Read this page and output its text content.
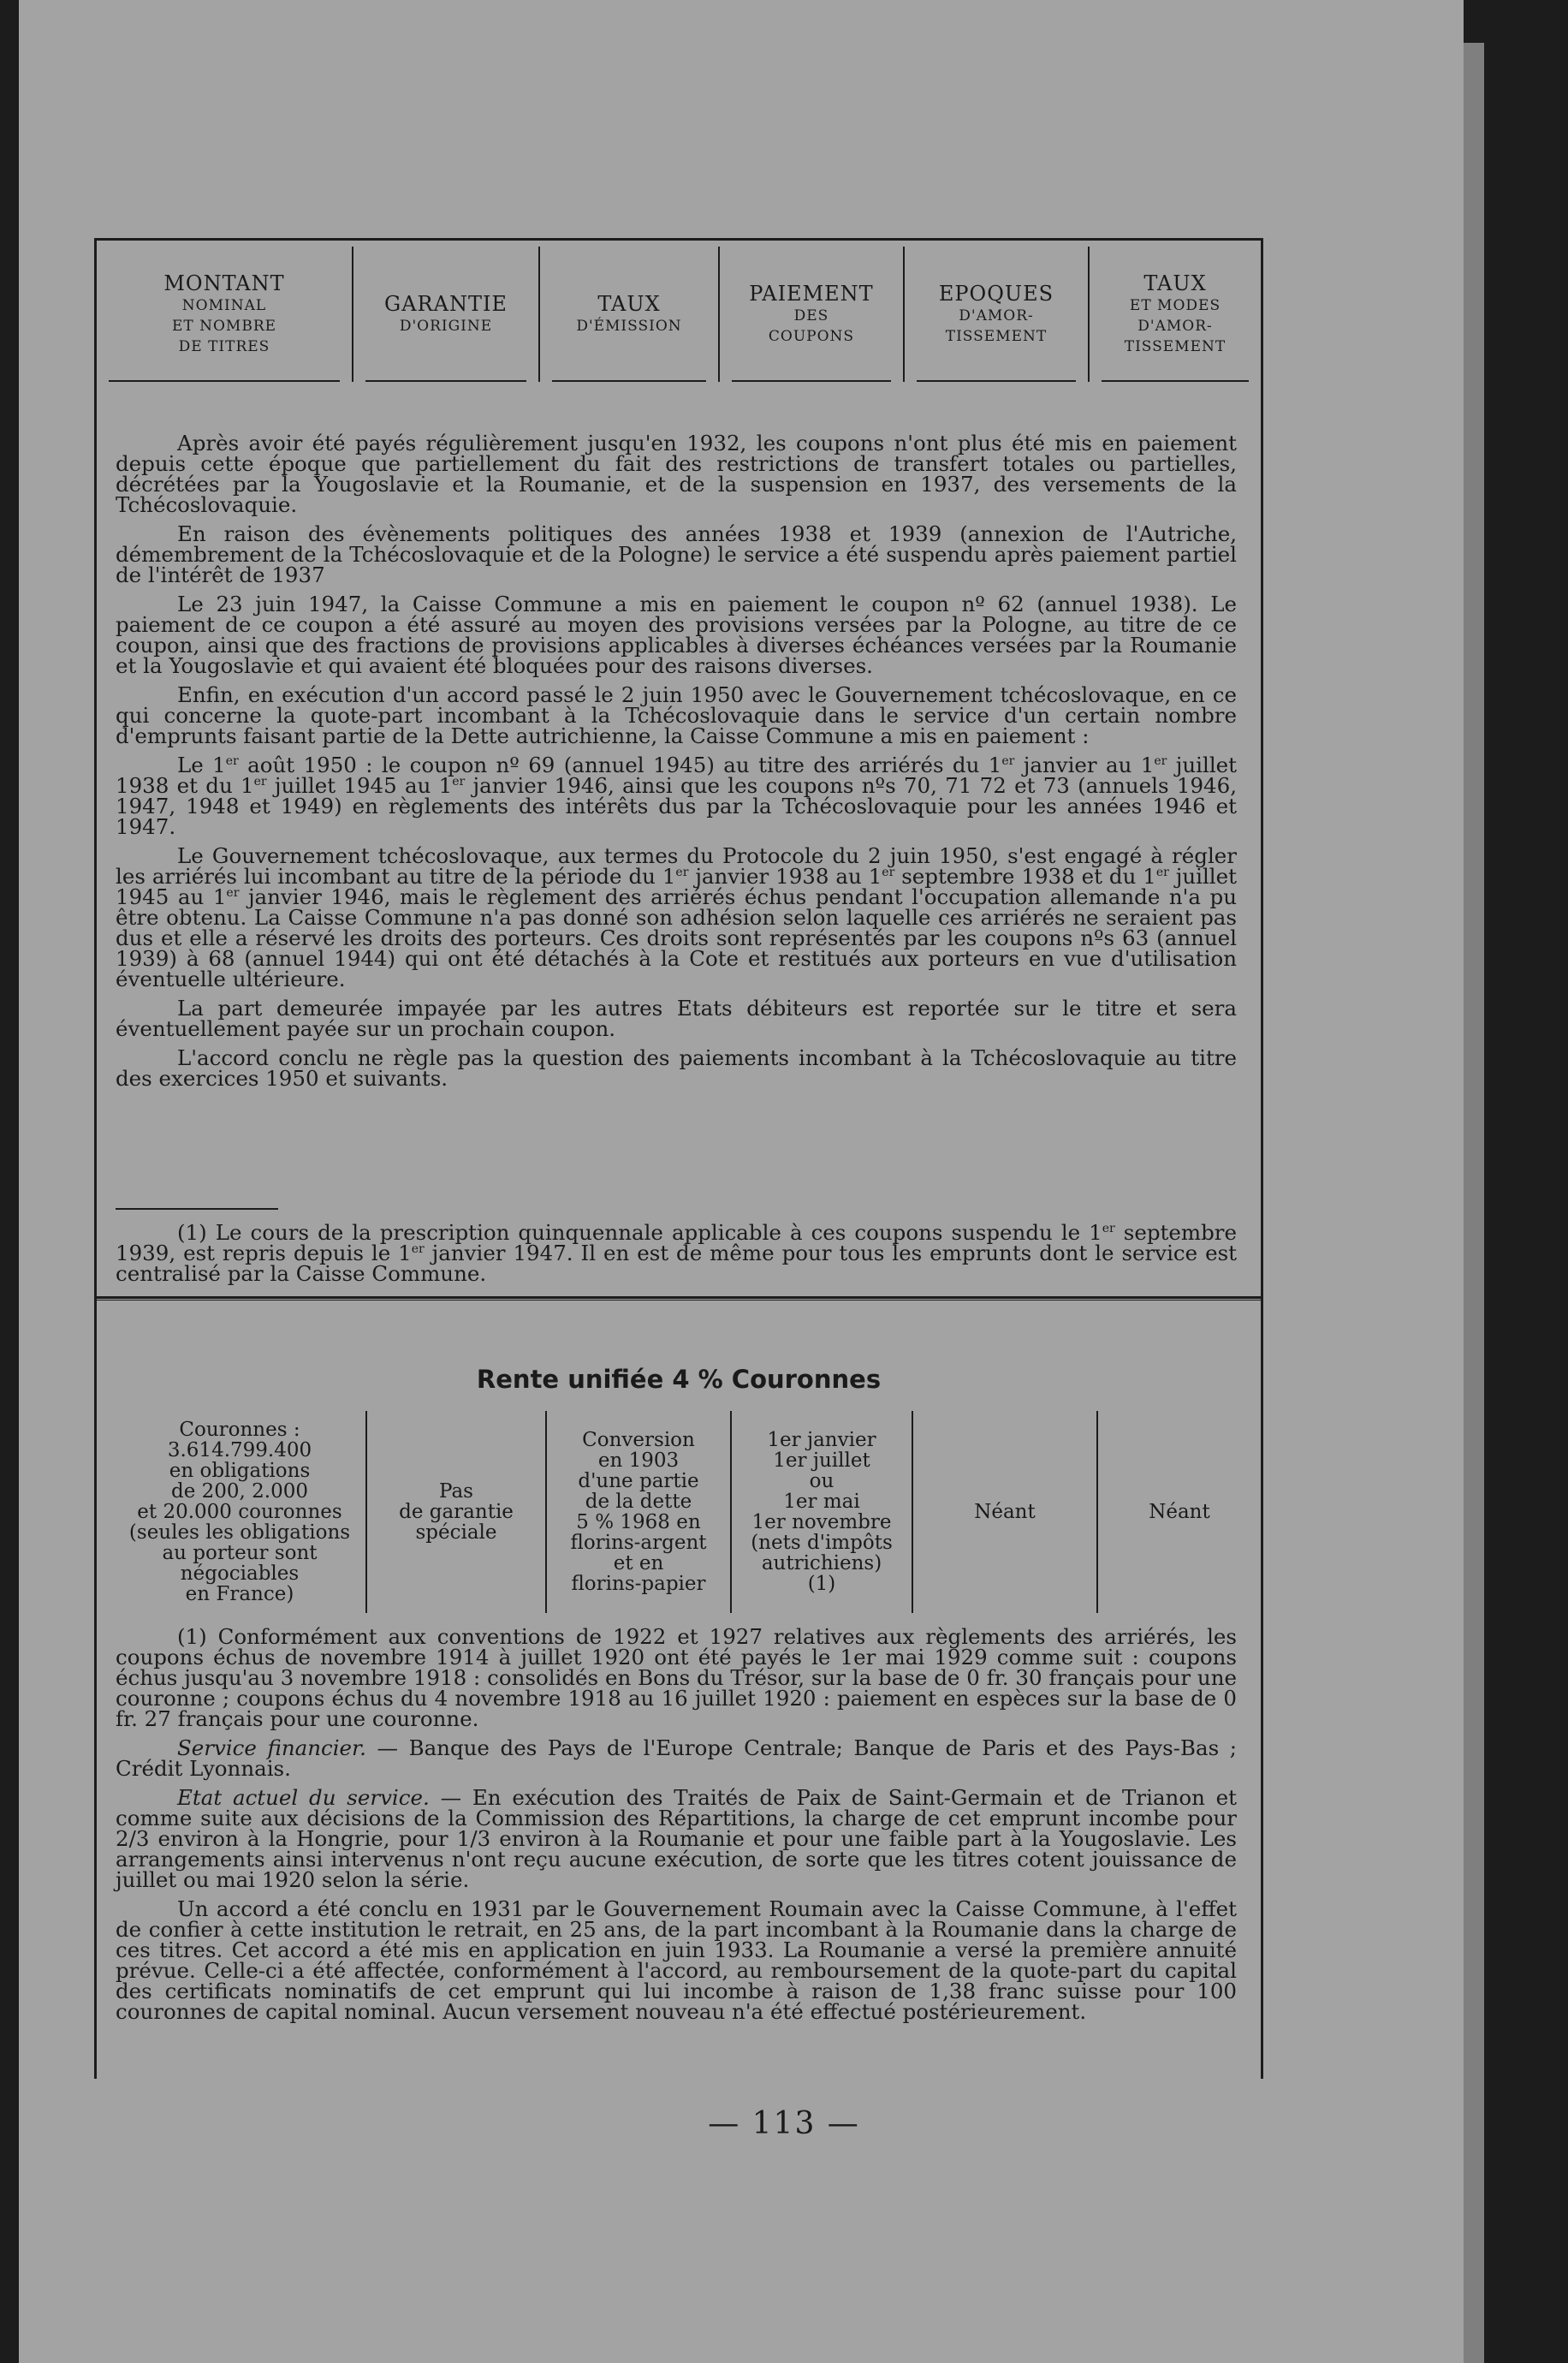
MONTANT
NOMINAL
ET NOMBRE
DE TITRES
GARANTIE
D'ORIGINE
TAUX
D'ÉMISSION
PAIEMENT
DES
COUPONS
EPOQUES
D'AMOR-
TISSEMENT
TAUX
ET MODES
D'AMOR-
TISSEMENT

Après avoir été payés régulièrement jusqu'en 1932, les coupons n'ont plus été mis en paiement depuis cette époque que partiellement du fait des restrictions de transfert totales ou partielles, décrétées par la Yougoslavie et la Roumanie, et de la suspension en 1937, des versements de la Tchécoslovaquie.

En raison des évènements politiques des années 1938 et 1939 (annexion de l'Autriche, démembrement de la Tchécoslovaquie et de la Pologne) le service a été suspendu après paiement partiel de l'intérêt de 1937

Le 23 juin 1947, la Caisse Commune a mis en paiement le coupon nº 62 (annuel 1938). Le paiement de ce coupon a été assuré au moyen des provisions versées par la Pologne, au titre de ce coupon, ainsi que des fractions de provisions applicables à diverses échéances versées par la Roumanie et la Yougoslavie et qui avaient été bloquées pour des raisons diverses.

Enfin, en exécution d'un accord passé le 2 juin 1950 avec le Gouvernement tchécoslovaque, en ce qui concerne la quote-part incombant à la Tchécoslovaquie dans le service d'un certain nombre d'emprunts faisant partie de la Dette autrichienne, la Caisse Commune a mis en paiement :

Le 1er août 1950 : le coupon nº 69 (annuel 1945) au titre des arriérés du 1er janvier au 1er juillet 1938 et du 1er juillet 1945 au 1er janvier 1946, ainsi que les coupons nºs 70, 71 72 et 73 (annuels 1946, 1947, 1948 et 1949) en règlements des intérêts dus par la Tchécoslovaquie pour les années 1946 et 1947.

Le Gouvernement tchécoslovaque, aux termes du Protocole du 2 juin 1950, s'est engagé à régler les arriérés lui incombant au titre de la période du 1er janvier 1938 au 1er septembre 1938 et du 1er juillet 1945 au 1er janvier 1946, mais le règlement des arriérés échus pendant l'occupation allemande n'a pu être obtenu. La Caisse Commune n'a pas donné son adhésion selon laquelle ces arriérés ne seraient pas dus et elle a réservé les droits des porteurs. Ces droits sont représentés par les coupons nºs 63 (annuel 1939) à 68 (annuel 1944) qui ont été détachés à la Cote et restitués aux porteurs en vue d'utilisation éventuelle ultérieure.

La part demeurée impayée par les autres Etats débiteurs est reportée sur le titre et sera éventuellement payée sur un prochain coupon.

L'accord conclu ne règle pas la question des paiements incombant à la Tchécoslovaquie au titre des exercices 1950 et suivants.

(1) Le cours de la prescription quinquennale applicable à ces coupons suspendu le 1er septembre 1939, est repris depuis le 1er janvier 1947. Il en est de même pour tous les emprunts dont le service est centralisé par la Caisse Commune.

Rente unifiée 4 % Couronnes
Couronnes :
3.614.799.400
en obligations
de 200, 2.000
et 20.000 couronnes
(seules les obligations
au porteur sont
négociables
en France)
Pas
de garantie
spéciale
Conversion
en 1903
d'une partie
de la dette
5 % 1968 en
florins-argent
et en
florins-papier
1er janvier
1er juillet
ou
1er mai
1er novembre
(nets d'impôts
autrichiens)
(1)
Néant	Néant

(1) Conformément aux conventions de 1922 et 1927 relatives aux règlements des arriérés, les coupons échus de novembre 1914 à juillet 1920 ont été payés le 1er mai 1929 comme suit : coupons échus jusqu'au 3 novembre 1918 : consolidés en Bons du Trésor, sur la base de 0 fr. 30 français pour une couronne ; coupons échus du 4 novembre 1918 au 16 juillet 1920 : paiement en espèces sur la base de 0 fr. 27 français pour une couronne.

Service financier. — Banque des Pays de l'Europe Centrale; Banque de Paris et des Pays-Bas ; Crédit Lyonnais.

Etat actuel du service. — En exécution des Traités de Paix de Saint-Germain et de Trianon et comme suite aux décisions de la Commission des Répartitions, la charge de cet emprunt incombe pour 2/3 environ à la Hongrie, pour 1/3 environ à la Roumanie et pour une faible part à la Yougoslavie. Les arrangements ainsi intervenus n'ont reçu aucune exécution, de sorte que les titres cotent jouissance de juillet ou mai 1920 selon la série.

Un accord a été conclu en 1931 par le Gouvernement Roumain avec la Caisse Commune, à l'effet de confier à cette institution le retrait, en 25 ans, de la part incombant à la Roumanie dans la charge de ces titres. Cet accord a été mis en application en juin 1933. La Roumanie a versé la première annuité prévue. Celle-ci a été affectée, conformément à l'accord, au remboursement de la quote-part du capital des certificats nominatifs de cet emprunt qui lui incombe à raison de 1,38 franc suisse pour 100 couronnes de capital nominal. Aucun versement nouveau n'a été effectué postérieurement.

— 113 —
